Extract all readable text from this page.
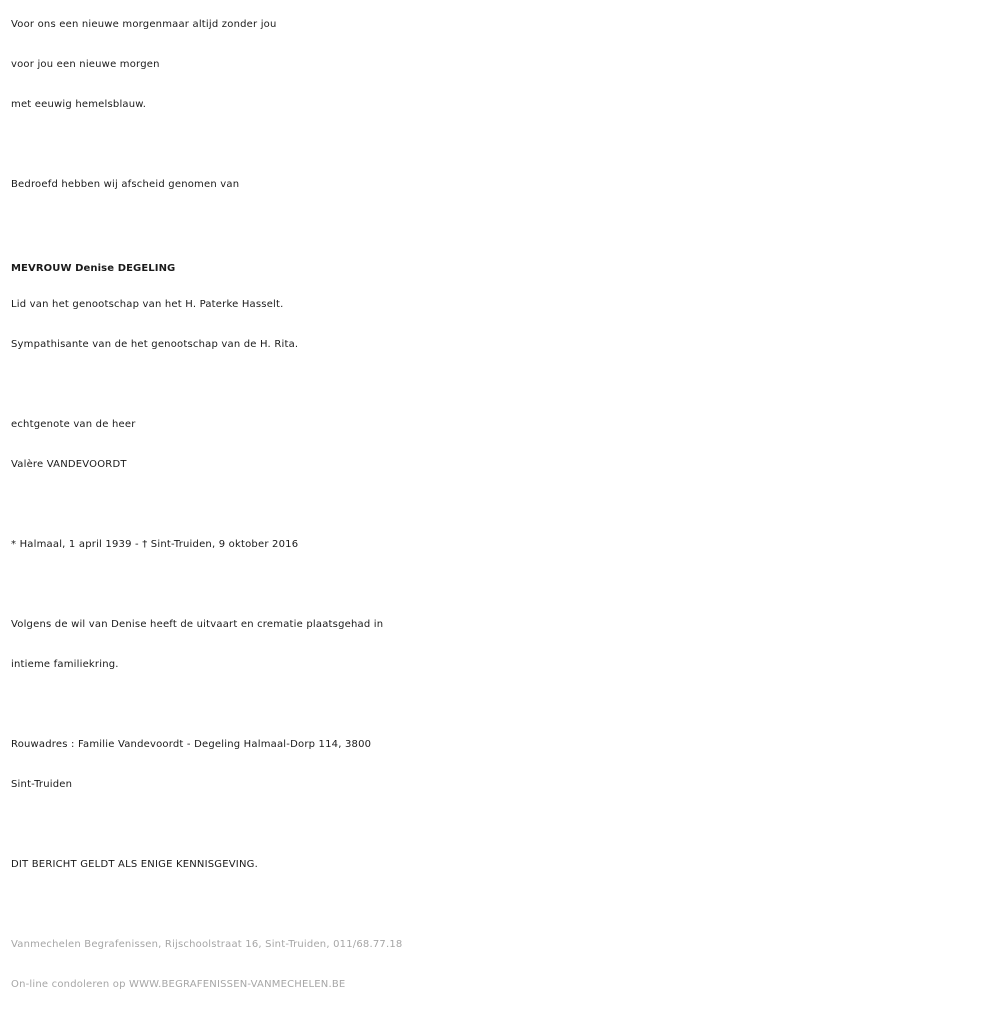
Voor ons een nieuwe morgenmaar altijd zonder jou
voor jou een nieuwe morgen
met eeuwig hemelsblauw.
Bedroefd hebben wij afscheid genomen van
MEVROUW Denise DEGELING
Lid van het genootschap van het H. Paterke Hasselt.
Sympathisante van de het genootschap van de H. Rita.
echtgenote van de heer
Valère VANDEVOORDT
* Halmaal, 1 april 1939 - † Sint-Truiden, 9 oktober 2016
Volgens de wil van Denise heeft de uitvaart en crematie plaatsgehad in
intieme familiekring.
Rouwadres : Familie Vandevoordt - Degeling Halmaal-Dorp 114, 3800
Sint-Truiden
DIT BERICHT GELDT ALS ENIGE KENNISGEVING.
Vanmechelen Begrafenissen, Rijschoolstraat 16, Sint-Truiden, 011/68.77.18
On-line condoleren op WWW.BEGRAFENISSEN-VANMECHELEN.BE
